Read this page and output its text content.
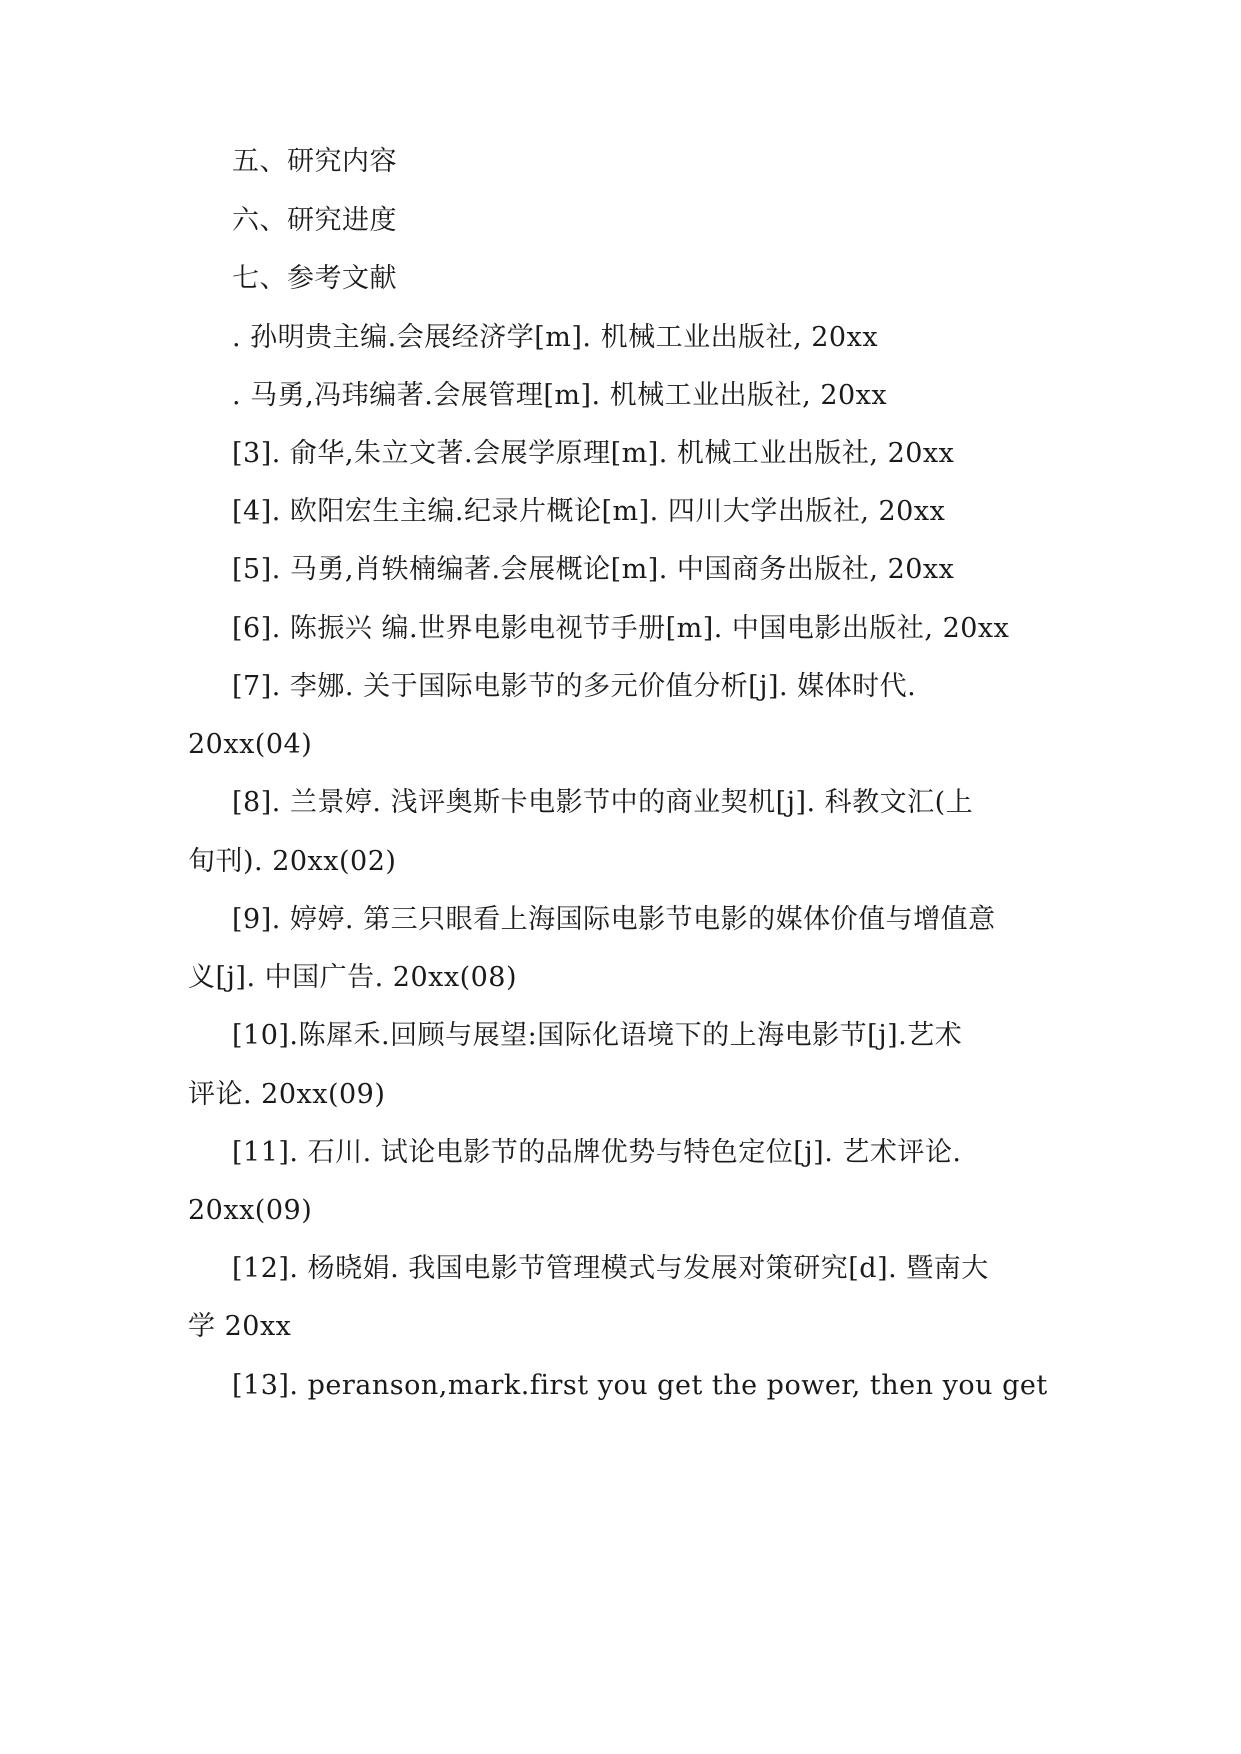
五、研究内容
六、研究进度
七、参考文献
. 孙明贵主编.会展经济学[m]. 机械工业出版社, 20xx
. 马勇,冯玮编著.会展管理[m]. 机械工业出版社, 20xx
[3]. 俞华,朱立文著.会展学原理[m]. 机械工业出版社, 20xx
[4]. 欧阳宏生主编.纪录片概论[m]. 四川大学出版社, 20xx
[5]. 马勇,肖轶楠编著.会展概论[m]. 中国商务出版社, 20xx
[6]. 陈振兴 编.世界电影电视节手册[m]. 中国电影出版社, 20xx
[7]. 李娜. 关于国际电影节的多元价值分析[j]. 媒体时代.
20xx(04)
[8]. 兰景婷. 浅评奥斯卡电影节中的商业契机[j]. 科教文汇(上
旬刊). 20xx(02)
[9]. 婷婷. 第三只眼看上海国际电影节电影的媒体价值与增值意
义[j]. 中国广告. 20xx(08)
[10].陈犀禾.回顾与展望:国际化语境下的上海电影节[j].艺术
评论. 20xx(09)
[11]. 石川. 试论电影节的品牌优势与特色定位[j]. 艺术评论.
20xx(09)
[12]. 杨晓娟. 我国电影节管理模式与发展对策研究[d]. 暨南大
学 20xx
[13]. peranson,mark.first you get the power, then you get
